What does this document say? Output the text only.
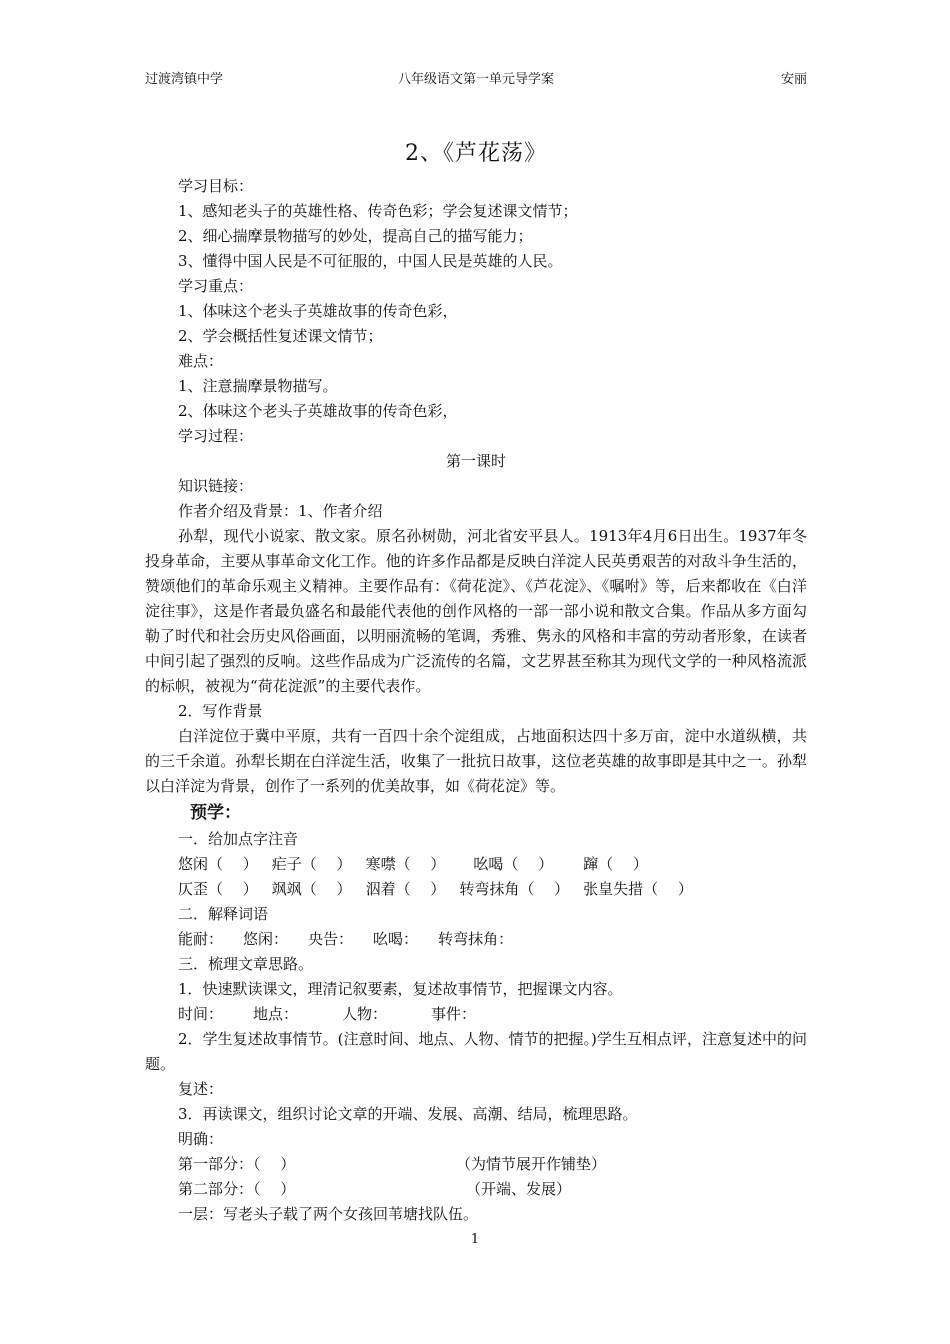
过渡湾镇中学	八年级语文第一单元导学案	安丽
2、《芦花荡》

学习目标：

1、感知老头子的英雄性格、传奇色彩；学会复述课文情节；

2、细心揣摩景物描写的妙处，提高自己的描写能力；

3、懂得中国人民是不可征服的，中国人民是英雄的人民。

学习重点：

1、体味这个老头子英雄故事的传奇色彩，

2、学会概括性复述课文情节；

难点：

1、注意揣摩景物描写。

2、体味这个老头子英雄故事的传奇色彩，

学习过程：

第一课时

知识链接：

作者介绍及背景：1、作者介绍

孙犁，现代小说家、散文家。原名孙树勋，河北省安平县人。1913年4月6日出生。1937年冬投身革命，主要从事革命文化工作。他的许多作品都是反映白洋淀人民英勇艰苦的对敌斗争生活的，赞颂他们的革命乐观主义精神。主要作品有：《荷花淀》、《芦花淀》、《嘱咐》等，后来都收在《白洋淀往事》，这是作者最负盛名和最能代表他的创作风格的一部一部小说和散文合集。作品从多方面勾勒了时代和社会历史风俗画面，以明丽流畅的笔调，秀雅、隽永的风格和丰富的劳动者形象，在读者中间引起了强烈的反响。这些作品成为广泛流传的名篇，文艺界甚至称其为现代文学的一种风格流派的标帜，被视为“荷花淀派”的主要代表作。

2．写作背景

白洋淀位于冀中平原，共有一百四十余个淀组成，占地面积达四十多万亩，淀中水道纵横，共的三千余道。孙犁长期在白洋淀生活，收集了一批抗日故事，这位老英雄的故事即是其中之一。孙犁以白洋淀为背景，创作了一系列的优美故事，如《荷花淀》等。

预学：

一．给加点字注音

悠闲（　 ） 疟子（　 ） 寒噤（　 ） 吆喝（　 ） 蹿（　 ）

仄歪（　 ） 飒飒（　 ） 泅着（　 ） 转弯抹角（　 ） 张皇失措（　 ）

二．解释词语

能耐： 悠闲： 央告： 吆喝： 转弯抹角：

三．梳理文章思路。

1．快速默读课文，理清记叙要素，复述故事情节，把握课文内容。

时间： 地点：	人物：	事件：

2．学生复述故事情节。(注意时间、地点、人物、情节的把握。)学生互相点评，注意复述中的问题。

复述：

3．再读课文，组织讨论文章的开端、发展、高潮、结局，梳理思路。

明确：

第一部分：（　 ）	（为情节展开作铺垫）

第二部分：（　 ）	（开端、发展）

一层：写老头子载了两个女孩回苇塘找队伍。

1
